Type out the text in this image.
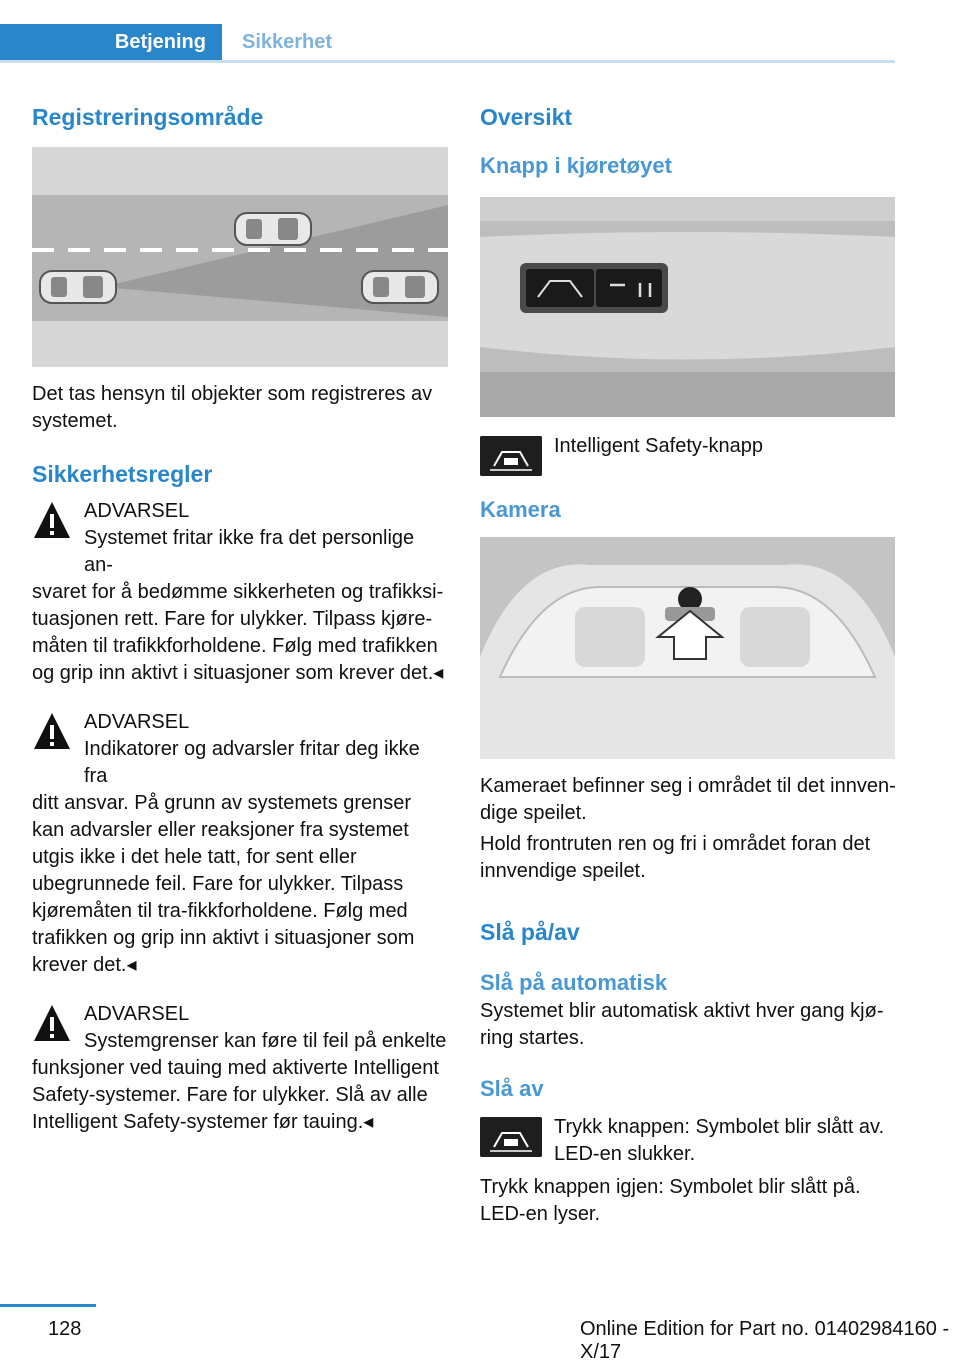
Betjening Sikkerhet
Registreringsområde

Det tas hensyn til objekter som registreres av systemet.

Sikkerhetsregler
ADVARSEL
Systemet fritar ikke fra det personlige an-
svaret for å bedømme sikkerheten og trafikksi-tuasjonen rett. Fare for ulykker. Tilpass kjøre-måten til trafikkforholdene. Følg med trafikken og grip inn aktivt i situasjoner som krever det.◂
ADVARSEL
Indikatorer og advarsler fritar deg ikke fra
ditt ansvar. På grunn av systemets grenser kan advarsler eller reaksjoner fra systemet utgis ikke i det hele tatt, for sent eller ubegrunnede feil. Fare for ulykker. Tilpass kjøremåten til tra-fikkforholdene. Følg med trafikken og grip inn aktivt i situasjoner som krever det.◂
ADVARSEL
Systemgrenser kan føre til feil på enkelte
funksjoner ved tauing med aktiverte Intelligent Safety-systemer. Fare for ulykker. Slå av alle Intelligent Safety-systemer før tauing.◂
Oversikt
Knapp i kjøretøyet
Intelligent Safety-knapp
Kamera

Kameraet befinner seg i området til det innven-dige speilet.

Hold frontruten ren og fri i området foran det innvendige speilet.

Slå på/av
Slå på automatisk

Systemet blir automatisk aktivt hver gang kjø-ring startes.

Slå av
Trykk knappen: Symbolet blir slått av. LED-en slukker.

Trykk knappen igjen: Symbolet blir slått på. LED-en lyser.

128	Online Edition for Part no. 01402984160 - X/17
